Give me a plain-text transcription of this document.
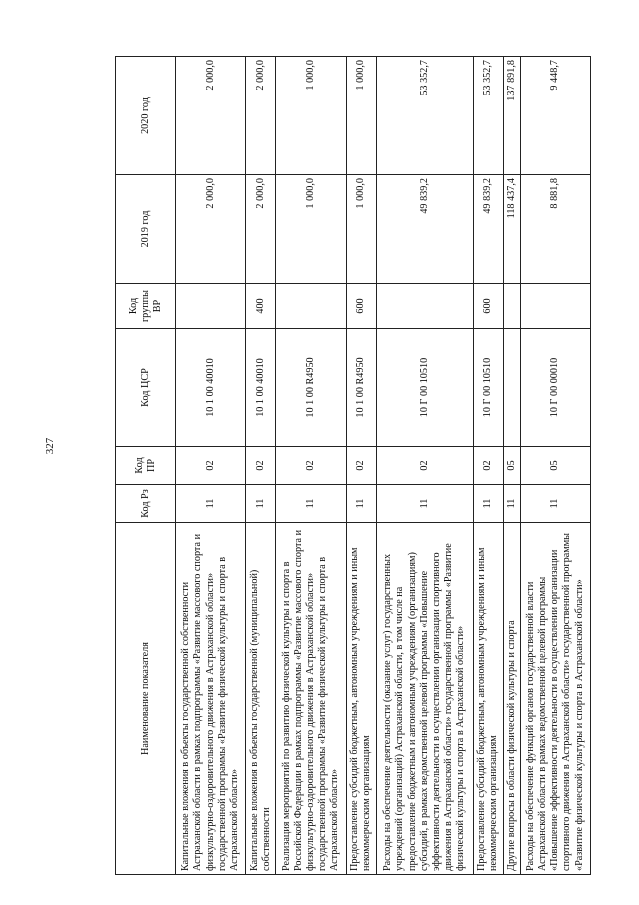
327
Наименование показателя	Код Рз	Код ПР	Код ЦСР	Код группы ВР	2019 год	2020 год
Капитальные вложения в объекты государственной собственности Астраханской области в рамках подпрограммы «Развитие массового спорта и физкультурно-оздоровительного движения в Астраханской области» государственной программы «Развитие физической культуры и спорта в Астраханской области»	11	02	10 1 00 40010		2 000,0	2 000,0
Капитальные вложения в объекты государственной (муниципальной) собственности	11	02	10 1 00 40010	400	2 000,0	2 000,0
Реализация мероприятий по развитию физической культуры и спорта в Российской Федерации в рамках подпрограммы «Развитие массового спорта и физкультурно-оздоровительного движения в Астраханской области» государственной программы «Развитие физической культуры и спорта в Астраханской области»	11	02	10 1 00 R4950		1 000,0	1 000,0
Предоставление субсидий бюджетным, автономным учреждениям и иным некоммерческим организациям	11	02	10 1 00 R4950	600	1 000,0	1 000,0
Расходы на обеспечение деятельности (оказание услуг) государственных учреждений (организаций) Астраханской области, в том числе на предоставление бюджетным и автономным учреждениям (организациям) субсидий, в рамках ведомственной целевой программы «Повышение эффективности деятельности в осуществлении организации спортивного движения в Астраханской области» государственной программы «Развитие физической культуры и спорта в Астраханской области»	11	02	10 Г 00 10510		49 839,2	53 352,7
Предоставление субсидий бюджетным, автономным учреждениям и иным некоммерческим организациям	11	02	10 Г 00 10510	600	49 839,2	53 352,7
Другие вопросы в области физической культуры и спорта	11	05			118 437,4	137 891,8
Расходы на обеспечение функций органов государственной власти Астраханской области в рамках ведомственной целевой программы «Повышение эффективности деятельности в осуществлении организации спортивного движения в Астраханской области» государственной программы «Развитие физической культуры и спорта в Астраханской области»	11	05	10 Г 00 00010		8 881,8	9 448,7
